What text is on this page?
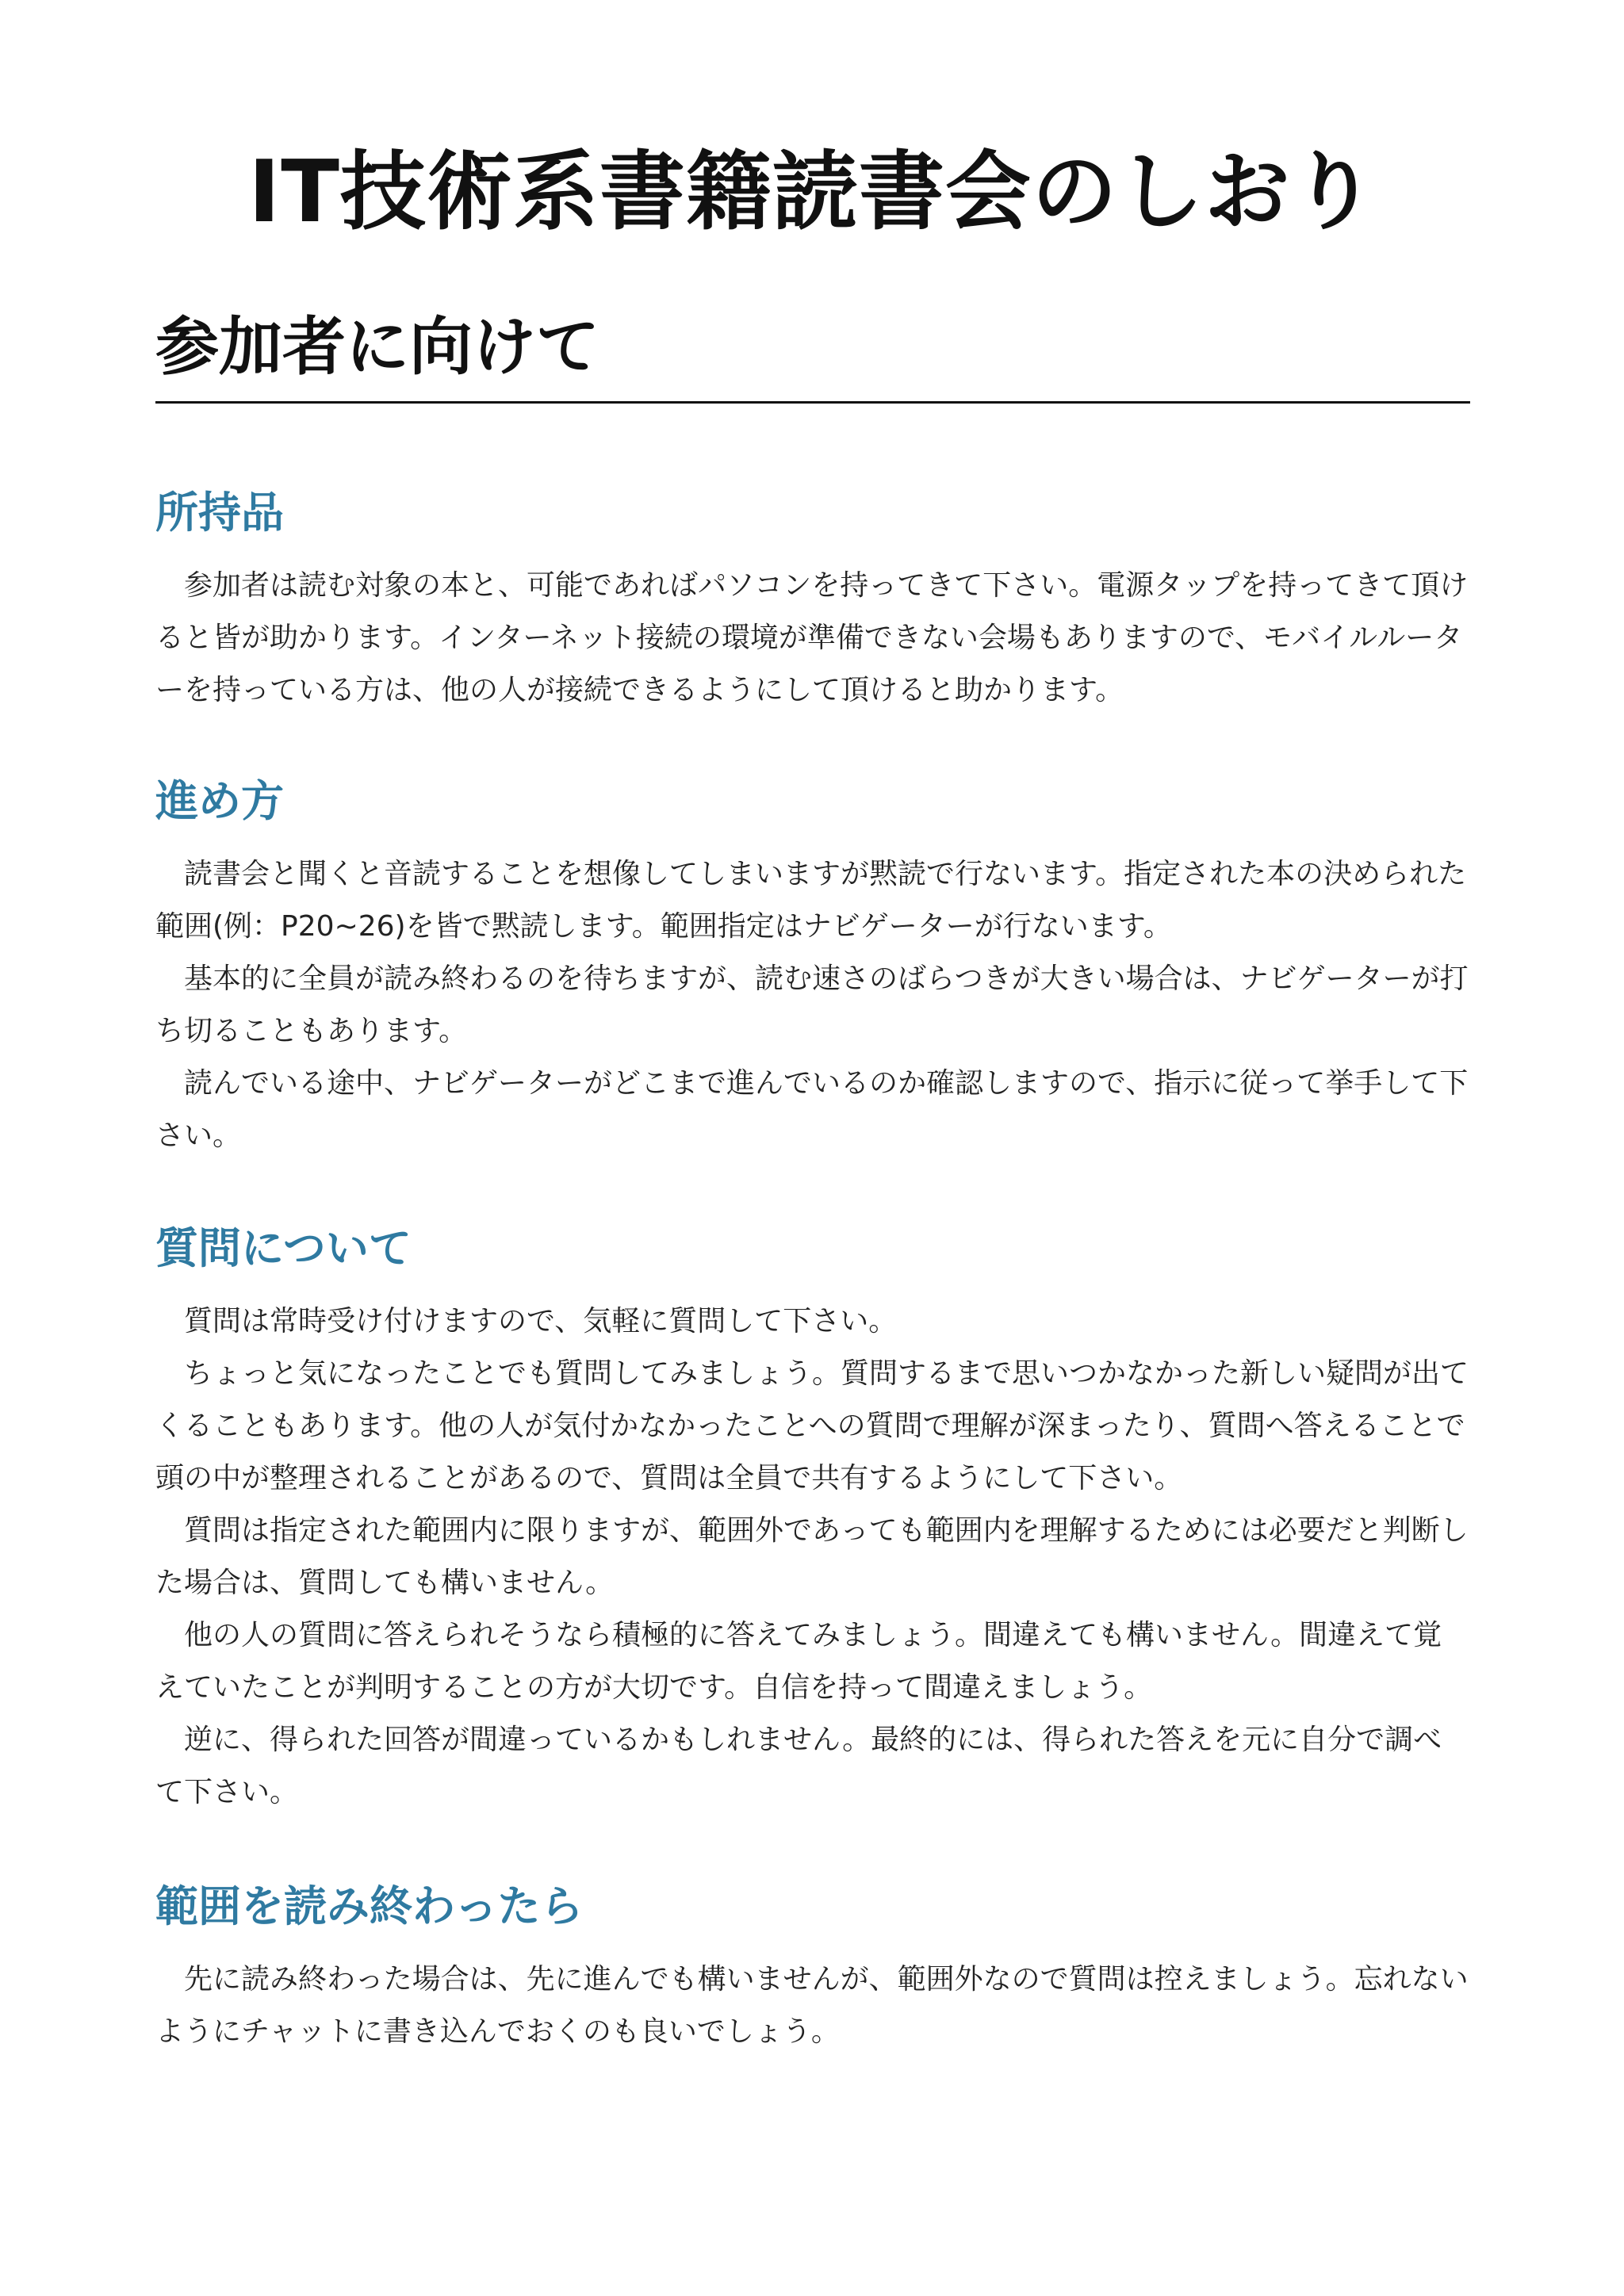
IT技術系書籍読書会のしおり
参加者に向けて
所持品

参加者は読む対象の本と、可能であればパソコンを持ってきて下さい。電源タップを持ってきて頂けると皆が助かります。インターネット接続の環境が準備できない会場もありますので、モバイルルーターを持っている方は、他の人が接続できるようにして頂けると助かります。

進め方

読書会と聞くと音読することを想像してしまいますが黙読で行ないます。指定された本の決められた範囲(例：P20~26)を皆で黙読します。範囲指定はナビゲーターが行ないます。

基本的に全員が読み終わるのを待ちますが、読む速さのばらつきが大きい場合は、ナビゲーターが打ち切ることもあります。

読んでいる途中、ナビゲーターがどこまで進んでいるのか確認しますので、指示に従って挙手して下さい。

質問について

質問は常時受け付けますので、気軽に質問して下さい。

ちょっと気になったことでも質問してみましょう。質問するまで思いつかなかった新しい疑問が出てくることもあります。他の人が気付かなかったことへの質問で理解が深まったり、質問へ答えることで頭の中が整理されることがあるので、質問は全員で共有するようにして下さい。

質問は指定された範囲内に限りますが、範囲外であっても範囲内を理解するためには必要だと判断した場合は、質問しても構いません。

他の人の質問に答えられそうなら積極的に答えてみましょう。間違えても構いません。間違えて覚えていたことが判明することの方が大切です。自信を持って間違えましょう。

逆に、得られた回答が間違っているかもしれません。最終的には、得られた答えを元に自分で調べて下さい。

範囲を読み終わったら

先に読み終わった場合は、先に進んでも構いませんが、範囲外なので質問は控えましょう。忘れないようにチャットに書き込んでおくのも良いでしょう。
